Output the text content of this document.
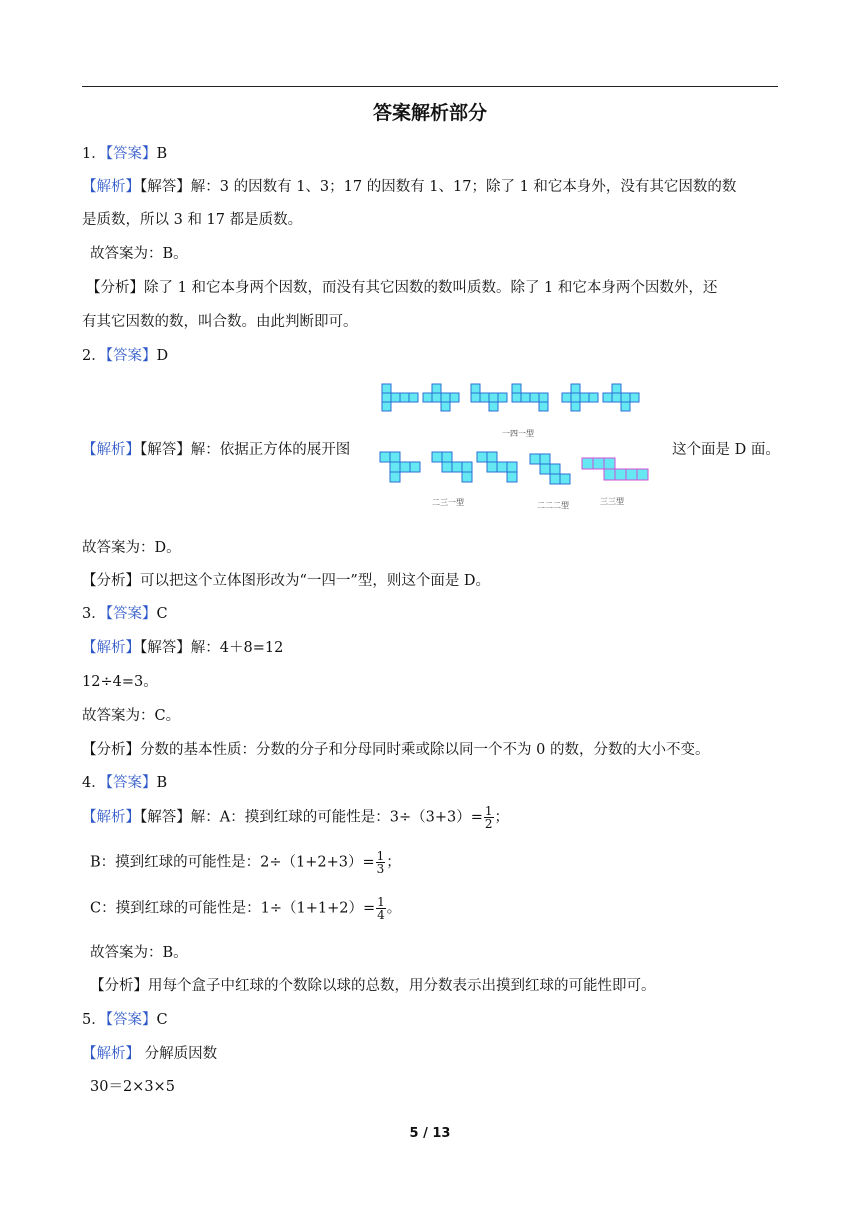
答案解析部分
1．【答案】B
【解析】【解答】解：3 的因数有 1、3；17 的因数有 1、17；除了 1 和它本身外，没有其它因数的数
是质数，所以 3 和 17 都是质数。
故答案为：B。
【分析】除了 1 和它本身两个因数，而没有其它因数的数叫质数。除了 1 和它本身两个因数外，还
有其它因数的数，叫合数。由此判断即可。
2．【答案】D
【解析】【解答】解：依据正方体的展开图	这个面是 D 面。
一四一型
二三一型	二二二型	三三型
故答案为：D。
【分析】可以把这个立体图形改为“一四一”型，则这个面是 D。
3．【答案】C
【解析】【解答】解：4＋8=12
12÷4=3。
故答案为：C。
【分析】分数的基本性质：分数的分子和分母同时乘或除以同一个不为 0 的数，分数的大小不变。
4．【答案】B
【解析】【解答】解：A：摸到红球的可能性是：$3\div(3+3)= \frac{1}{2}$ ；
B：摸到红球的可能性是：$2\div(1+2+3)= \frac{1}{3}$ ；
C：摸到红球的可能性是：$1\div(1+1+2)= \frac{1}{4}$ 。
故答案为：B。
【分析】用每个盒子中红球的个数除以球的总数，用分数表示出摸到红球的可能性即可。
5．【答案】C
【解析】 分解质因数
30＝2×3×5
5 / 13
